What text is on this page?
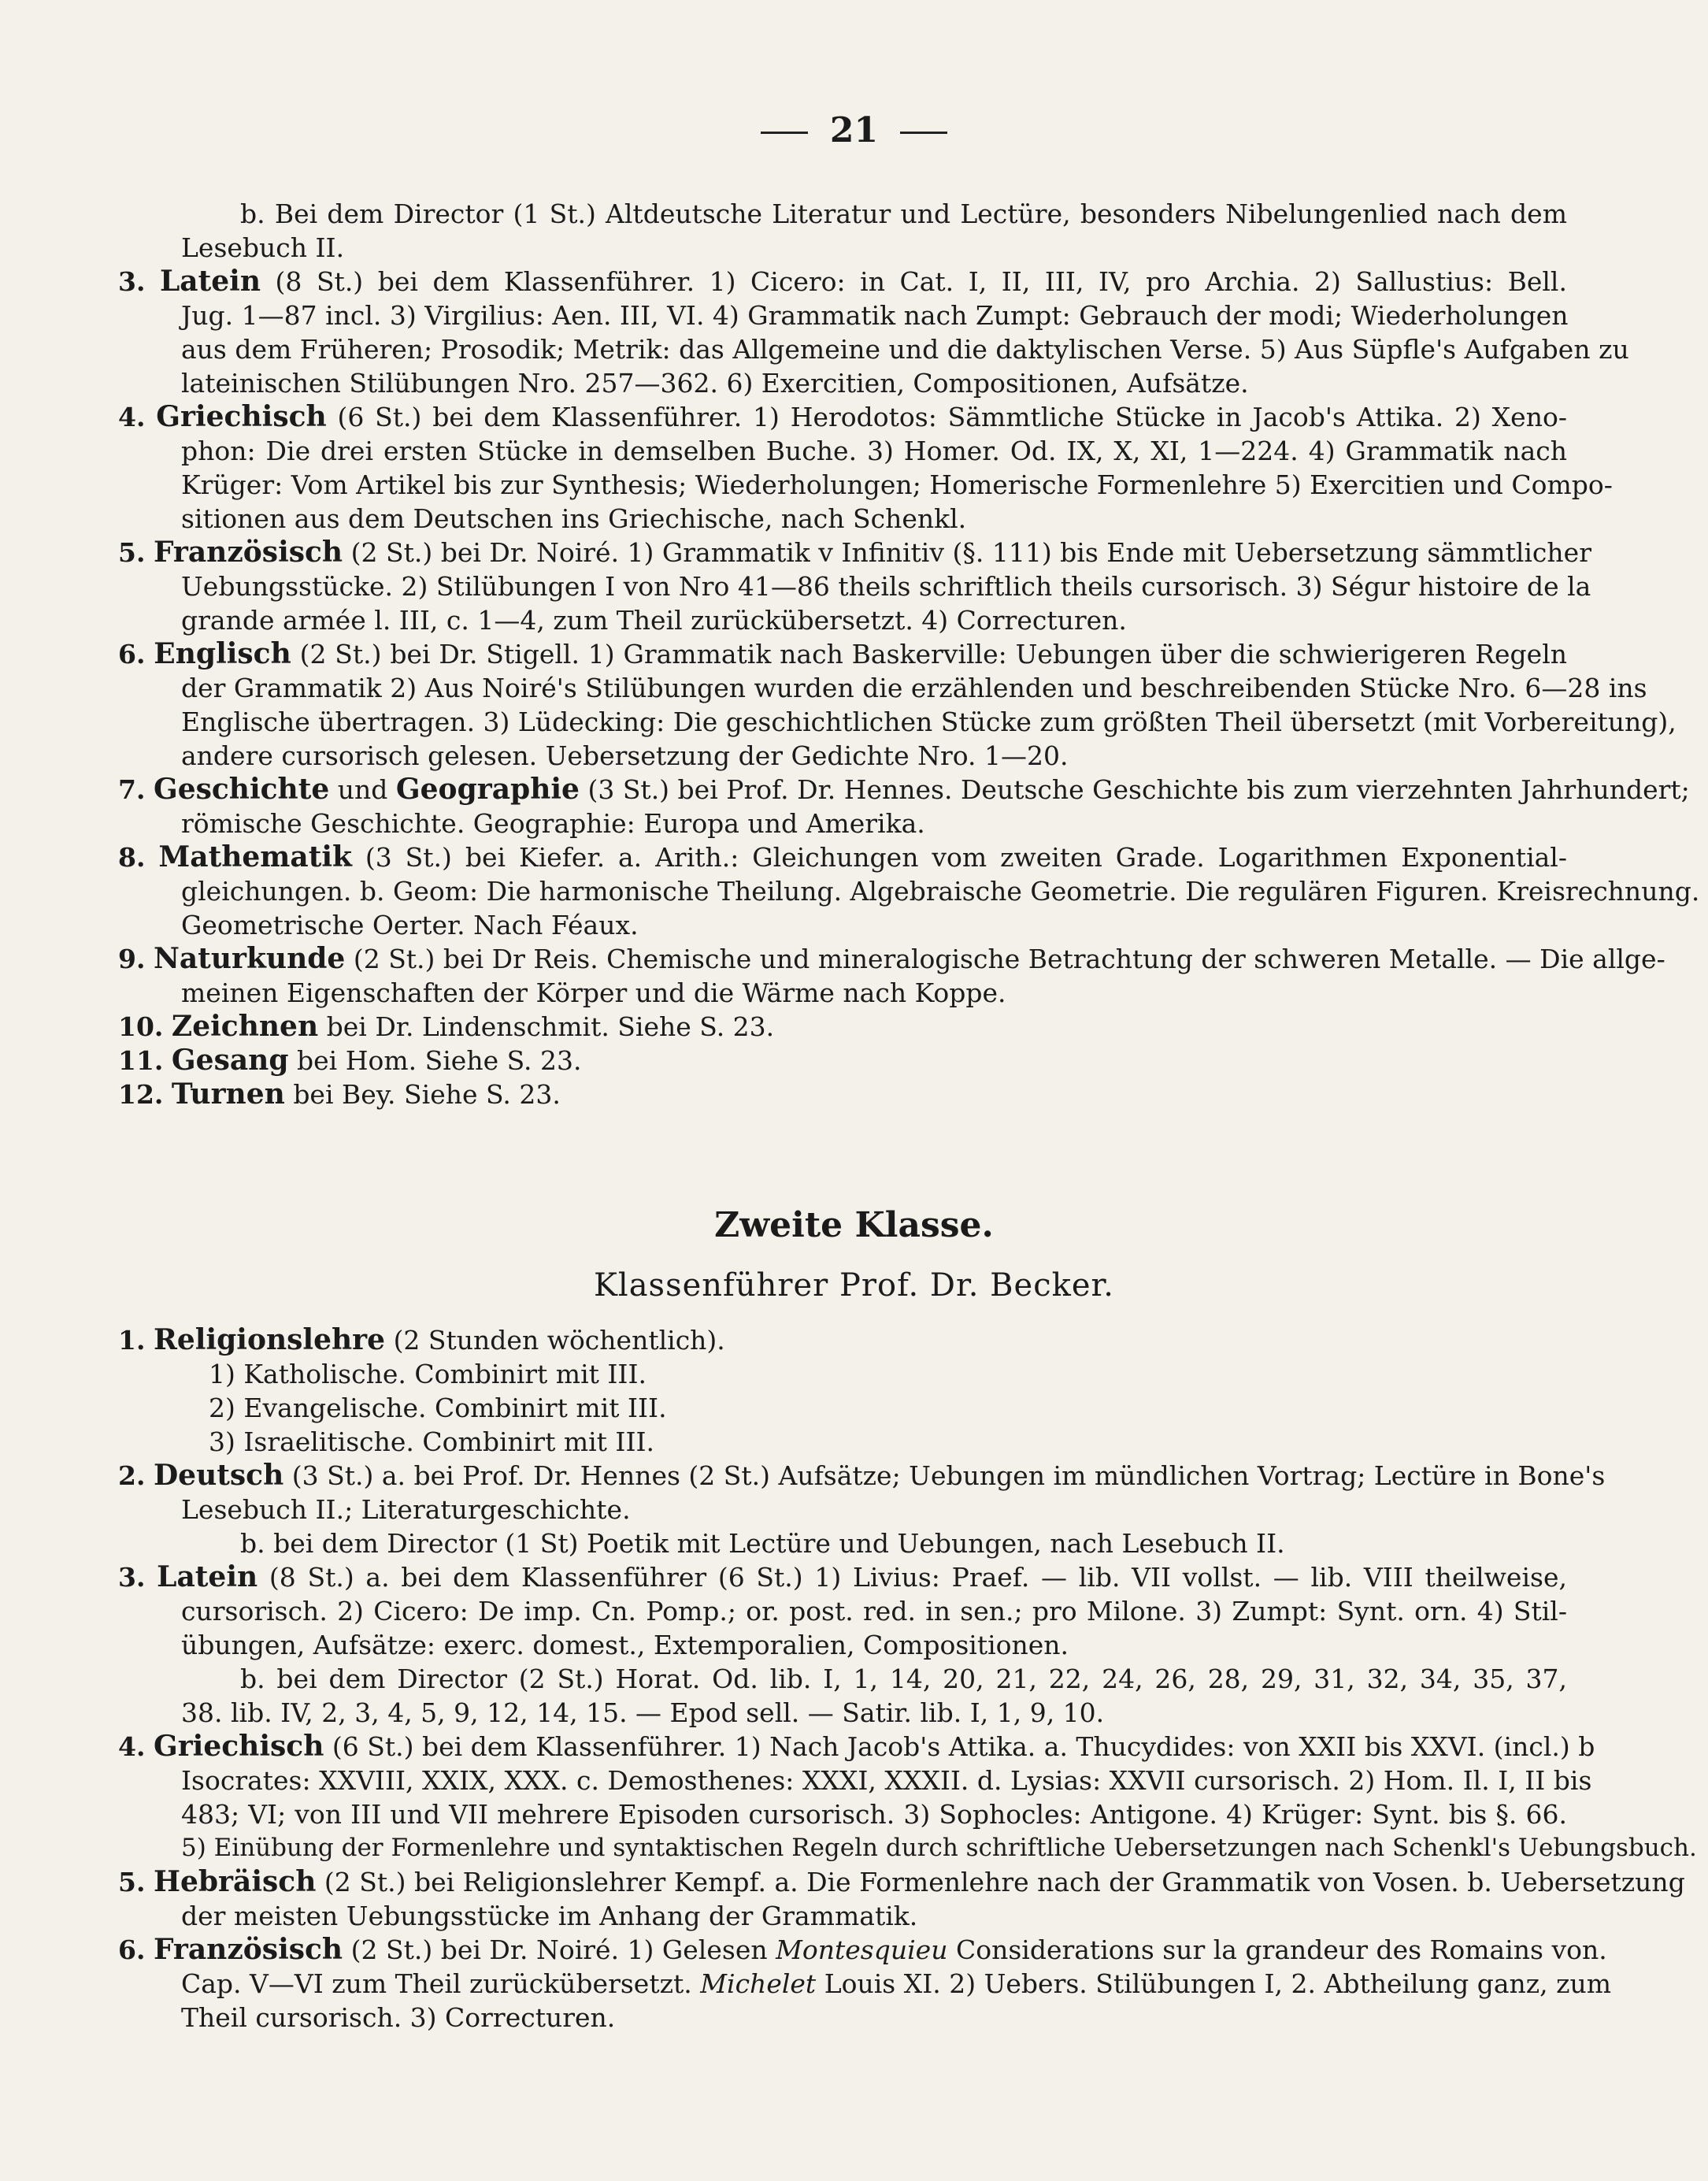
21
b. Bei dem Director (1 St.) Altdeutsche Literatur und Lectüre, besonders Nibelungenlied nach dem
Lesebuch II.
3. Latein (8 St.) bei dem Klassenführer. 1) Cicero: in Cat. I, II, III, IV, pro Archia. 2) Sallustius: Bell.
Jug. 1—87 incl. 3) Virgilius: Aen. III, VI. 4) Grammatik nach Zumpt: Gebrauch der modi; Wiederholungen
aus dem Früheren; Prosodik; Metrik: das Allgemeine und die daktylischen Verse. 5) Aus Süpfle's Aufgaben zu
lateinischen Stilübungen Nro. 257—362. 6) Exercitien, Compositionen, Aufsätze.
4. Griechisch (6 St.) bei dem Klassenführer. 1) Herodotos: Sämmtliche Stücke in Jacob's Attika. 2) Xeno-
phon: Die drei ersten Stücke in demselben Buche. 3) Homer. Od. IX, X, XI, 1—224. 4) Grammatik nach
Krüger: Vom Artikel bis zur Synthesis; Wiederholungen; Homerische Formenlehre 5) Exercitien und Compo-
sitionen aus dem Deutschen ins Griechische, nach Schenkl.
5. Französisch (2 St.) bei Dr. Noiré. 1) Grammatik v Infinitiv (§. 111) bis Ende mit Uebersetzung sämmtlicher
Uebungsstücke. 2) Stilübungen I von Nro 41—86 theils schriftlich theils cursorisch. 3) Ségur histoire de la
grande armée l. III, c. 1—4, zum Theil zurückübersetzt. 4) Correcturen.
6. Englisch (2 St.) bei Dr. Stigell. 1) Grammatik nach Baskerville: Uebungen über die schwierigeren Regeln
der Grammatik 2) Aus Noiré's Stilübungen wurden die erzählenden und beschreibenden Stücke Nro. 6—28 ins
Englische übertragen. 3) Lüdecking: Die geschichtlichen Stücke zum größten Theil übersetzt (mit Vorbereitung),
andere cursorisch gelesen. Uebersetzung der Gedichte Nro. 1—20.
7. Geschichte und Geographie (3 St.) bei Prof. Dr. Hennes. Deutsche Geschichte bis zum vierzehnten Jahrhundert;
römische Geschichte. Geographie: Europa und Amerika.
8. Mathematik (3 St.) bei Kiefer. a. Arith.: Gleichungen vom zweiten Grade. Logarithmen Exponential-
gleichungen. b. Geom: Die harmonische Theilung. Algebraische Geometrie. Die regulären Figuren. Kreisrechnung.
Geometrische Oerter. Nach Féaux.
9. Naturkunde (2 St.) bei Dr Reis. Chemische und mineralogische Betrachtung der schweren Metalle. — Die allge-
meinen Eigenschaften der Körper und die Wärme nach Koppe.
10. Zeichnen bei Dr. Lindenschmit. Siehe S. 23.
11. Gesang bei Hom. Siehe S. 23.
12. Turnen bei Bey. Siehe S. 23.
Zweite Klasse.
Klassenführer Prof. Dr. Becker.
1. Religionslehre (2 Stunden wöchentlich).
1) Katholische. Combinirt mit III.
2) Evangelische. Combinirt mit III.
3) Israelitische. Combinirt mit III.
2. Deutsch (3 St.) a. bei Prof. Dr. Hennes (2 St.) Aufsätze; Uebungen im mündlichen Vortrag; Lectüre in Bone's
Lesebuch II.; Literaturgeschichte.
b. bei dem Director (1 St) Poetik mit Lectüre und Uebungen, nach Lesebuch II.
3. Latein (8 St.) a. bei dem Klassenführer (6 St.) 1) Livius: Praef. — lib. VII vollst. — lib. VIII theilweise,
cursorisch. 2) Cicero: De imp. Cn. Pomp.; or. post. red. in sen.; pro Milone. 3) Zumpt: Synt. orn. 4) Stil-
übungen, Aufsätze: exerc. domest., Extemporalien, Compositionen.
b. bei dem Director (2 St.) Horat. Od. lib. I, 1, 14, 20, 21, 22, 24, 26, 28, 29, 31, 32, 34, 35, 37,
38. lib. IV, 2, 3, 4, 5, 9, 12, 14, 15. — Epod sell. — Satir. lib. I, 1, 9, 10.
4. Griechisch (6 St.) bei dem Klassenführer. 1) Nach Jacob's Attika. a. Thucydides: von XXII bis XXVI. (incl.) b
Isocrates: XXVIII, XXIX, XXX. c. Demosthenes: XXXI, XXXII. d. Lysias: XXVII cursorisch. 2) Hom. Il. I, II bis
483; VI; von III und VII mehrere Episoden cursorisch. 3) Sophocles: Antigone. 4) Krüger: Synt. bis §. 66.
5) Einübung der Formenlehre und syntaktischen Regeln durch schriftliche Uebersetzungen nach Schenkl's Uebungsbuch.
5. Hebräisch (2 St.) bei Religionslehrer Kempf. a. Die Formenlehre nach der Grammatik von Vosen. b. Uebersetzung
der meisten Uebungsstücke im Anhang der Grammatik.
6. Französisch (2 St.) bei Dr. Noiré. 1) Gelesen Montesquieu Considerations sur la grandeur des Romains von.
Cap. V—VI zum Theil zurückübersetzt. Michelet Louis XI. 2) Uebers. Stilübungen I, 2. Abtheilung ganz, zum
Theil cursorisch. 3) Correcturen.
